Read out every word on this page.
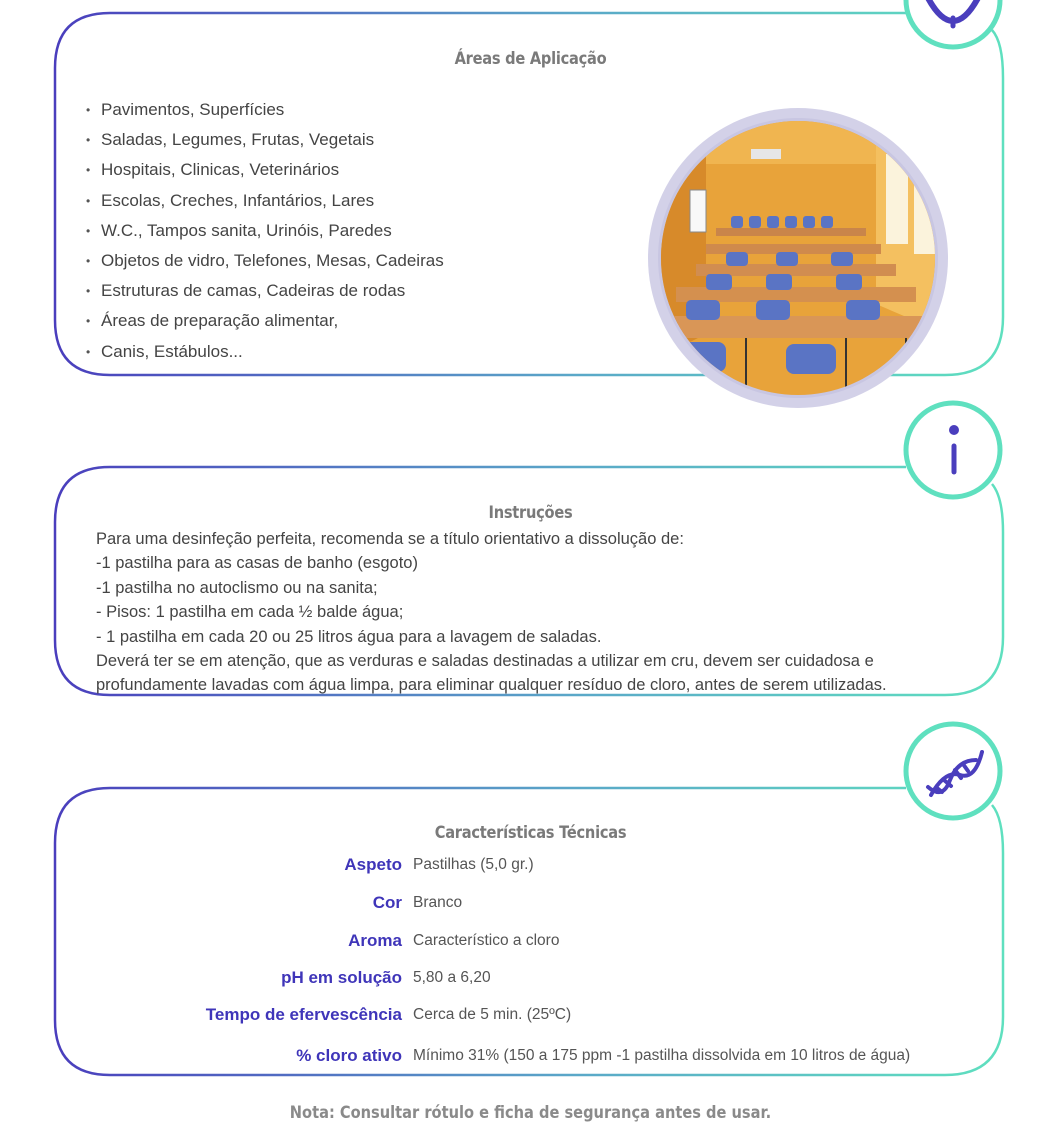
Áreas de Aplicação
• Pavimentos, Superfícies
• Saladas, Legumes, Frutas, Vegetais
• Hospitais, Clinicas, Veterinários
• Escolas, Creches, Infantários, Lares
• W.C., Tampos sanita, Urinóis, Paredes
• Objetos de vidro, Telefones, Mesas, Cadeiras
• Estruturas de camas, Cadeiras de rodas
• Áreas de preparação alimentar,
• Canis, Estábulos...
Instruções
Para uma desinfeção perfeita, recomenda se a título orientativo a dissolução de:
-1 pastilha para as casas de banho (esgoto)
-1 pastilha no autoclismo ou na sanita;
- Pisos: 1 pastilha em cada ½ balde água;
- 1 pastilha em cada 20 ou 25 litros água para a lavagem de saladas.
Deverá ter se em atenção, que as verduras e saladas destinadas a utilizar em cru, devem ser cuidadosa e
profundamente lavadas com água limpa, para eliminar qualquer resíduo de cloro, antes de serem utilizadas.
Características Técnicas
Aspeto Pastilhas (5,0 gr.)
Cor Branco
Aroma Característico a cloro
pH em solução 5,80 a 6,20
Tempo de efervescência Cerca de 5 min. (25ºC)
% cloro ativo Mínimo 31% (150 a 175 ppm -1 pastilha dissolvida em 10 litros de água)
Nota: Consultar rótulo e ficha de segurança antes de usar.
